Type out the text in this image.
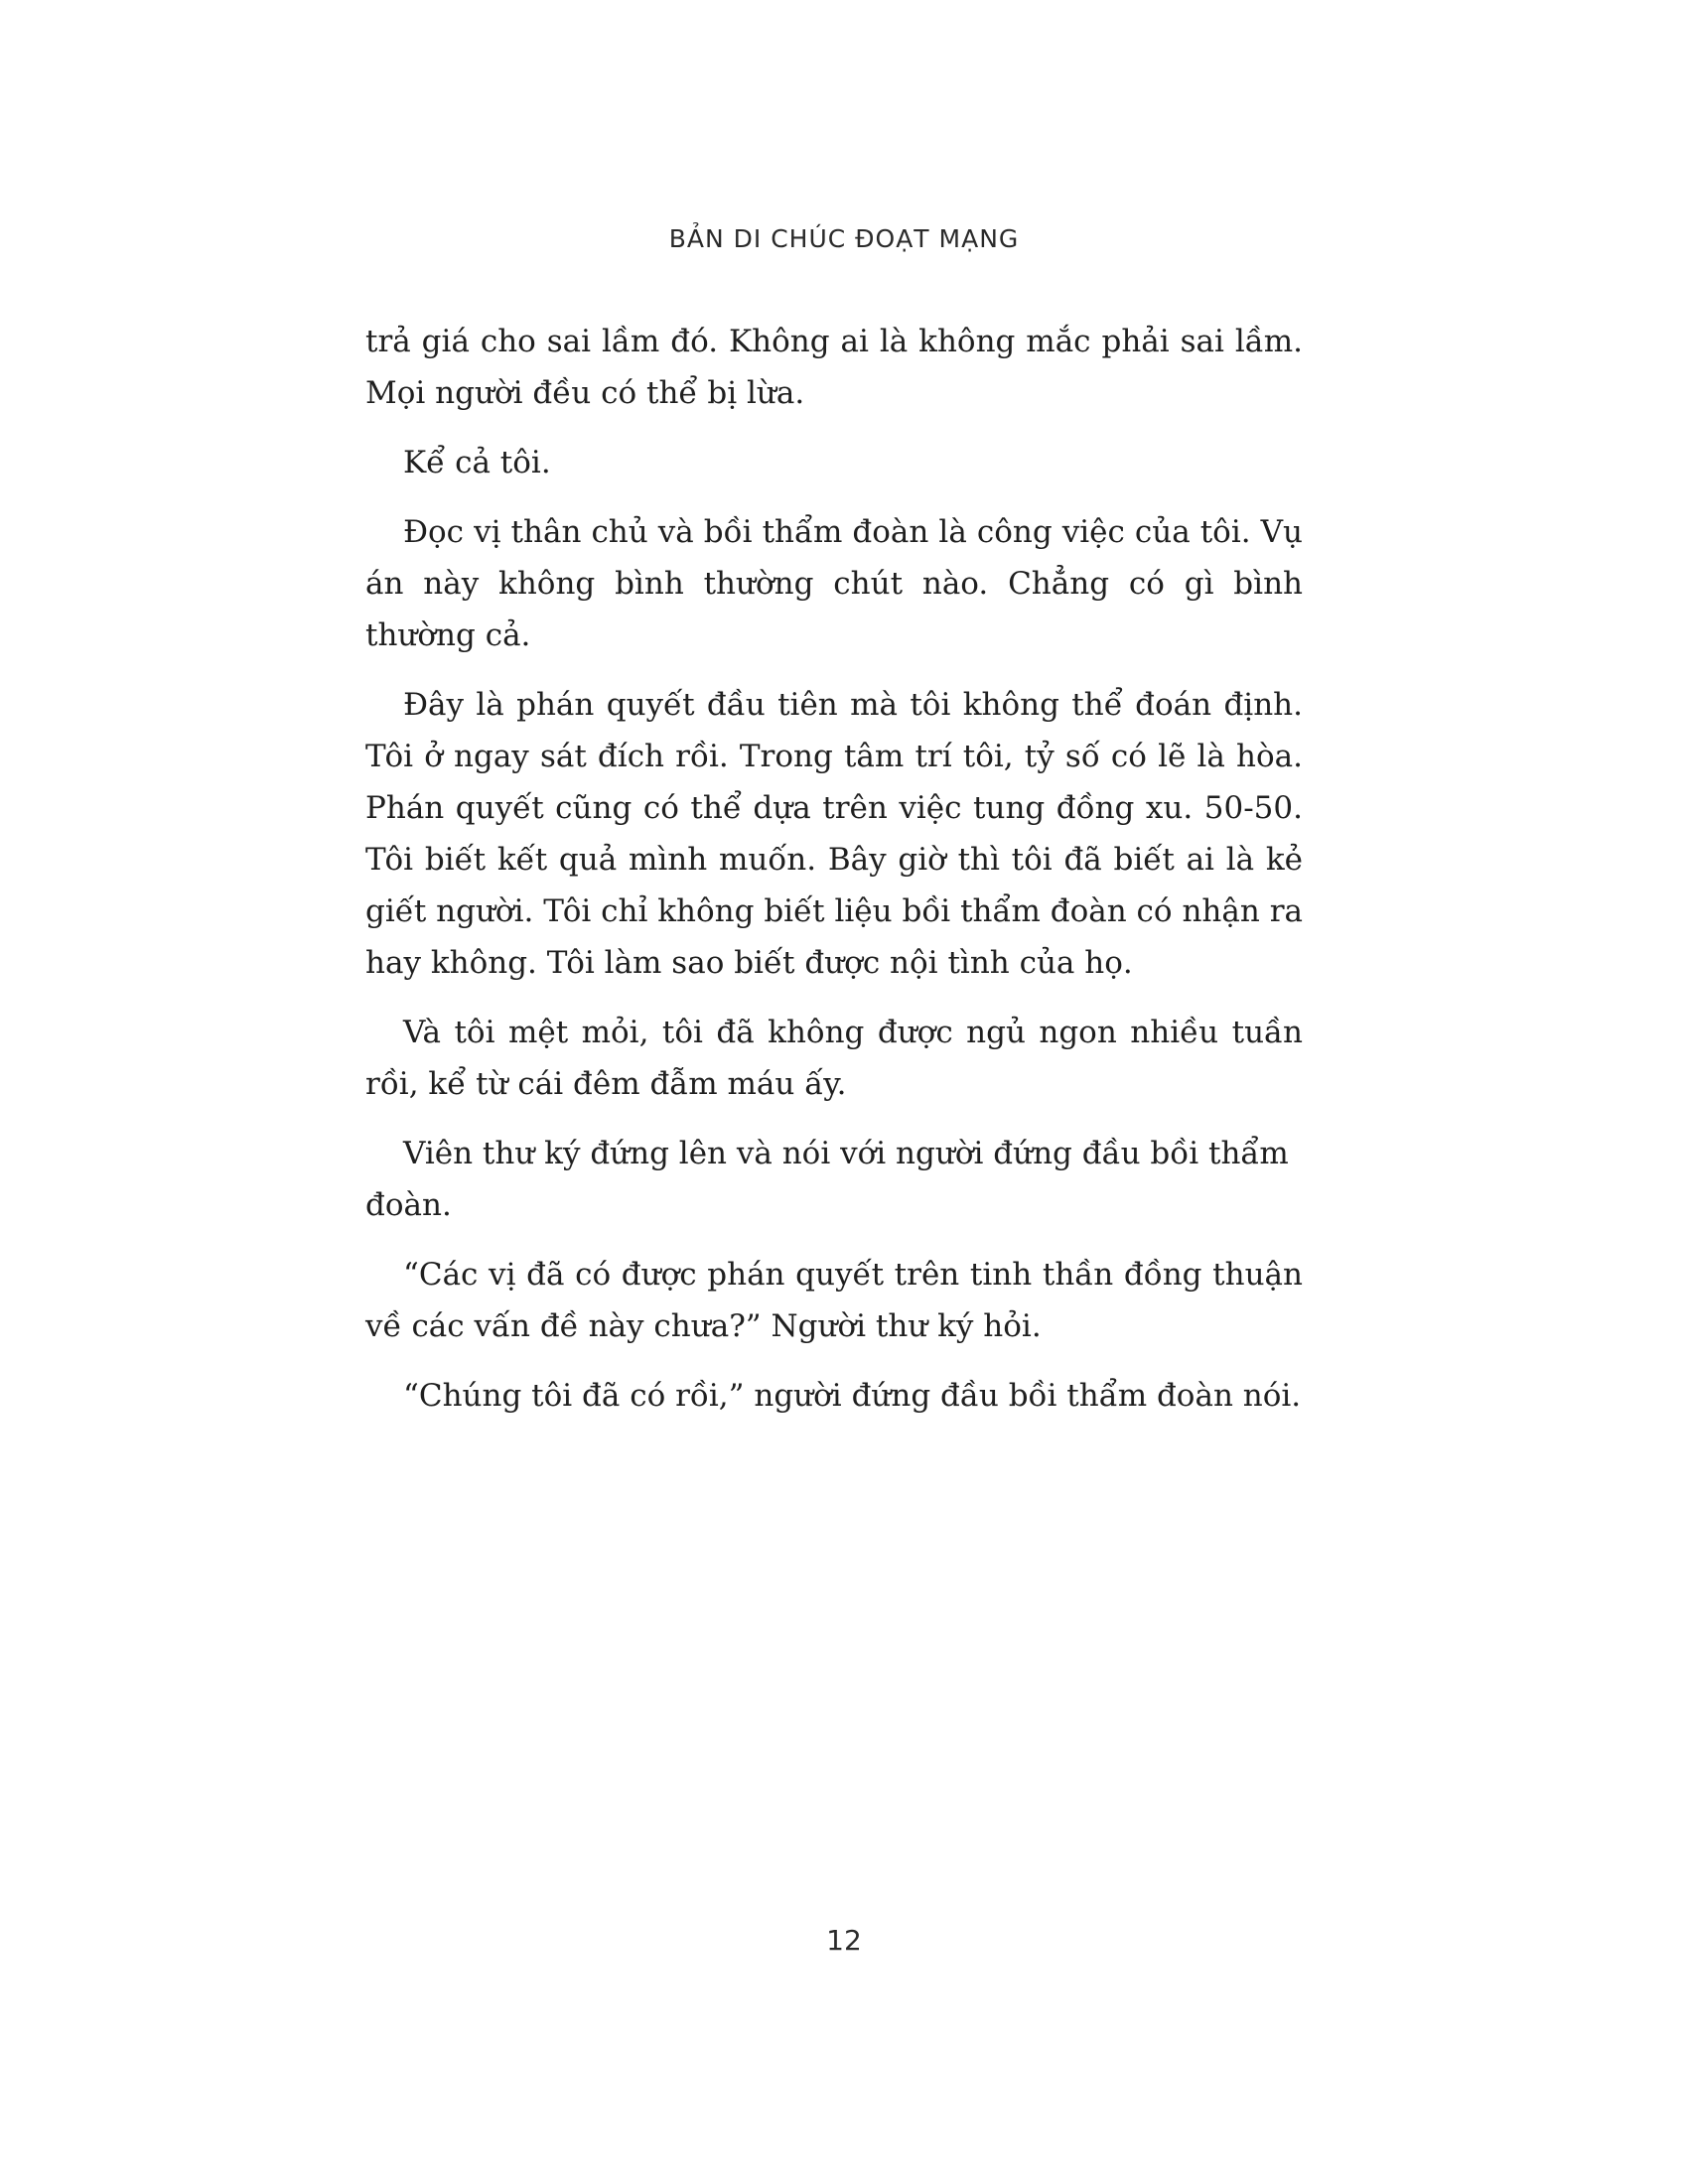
BẢN DI CHÚC ĐOẠT MẠNG

trả giá cho sai lầm đó. Không ai là không mắc phải sai lầm. Mọi người đều có thể bị lừa.

Kể cả tôi.

Đọc vị thân chủ và bồi thẩm đoàn là công việc của tôi. Vụ án này không bình thường chút nào. Chẳng có gì bình thường cả.

Đây là phán quyết đầu tiên mà tôi không thể đoán định. Tôi ở ngay sát đích rồi. Trong tâm trí tôi, tỷ số có lẽ là hòa. Phán quyết cũng có thể dựa trên việc tung đồng xu. 50-50. Tôi biết kết quả mình muốn. Bây giờ thì tôi đã biết ai là kẻ giết người. Tôi chỉ không biết liệu bồi thẩm đoàn có nhận ra hay không. Tôi làm sao biết được nội tình của họ.

Và tôi mệt mỏi, tôi đã không được ngủ ngon nhiều tuần rồi, kể từ cái đêm đẫm máu ấy.

Viên thư ký đứng lên và nói với người đứng đầu bồi thẩm đoàn.

“Các vị đã có được phán quyết trên tinh thần đồng thuận về các vấn đề này chưa?” Người thư ký hỏi.

“Chúng tôi đã có rồi,” người đứng đầu bồi thẩm đoàn nói.

12
